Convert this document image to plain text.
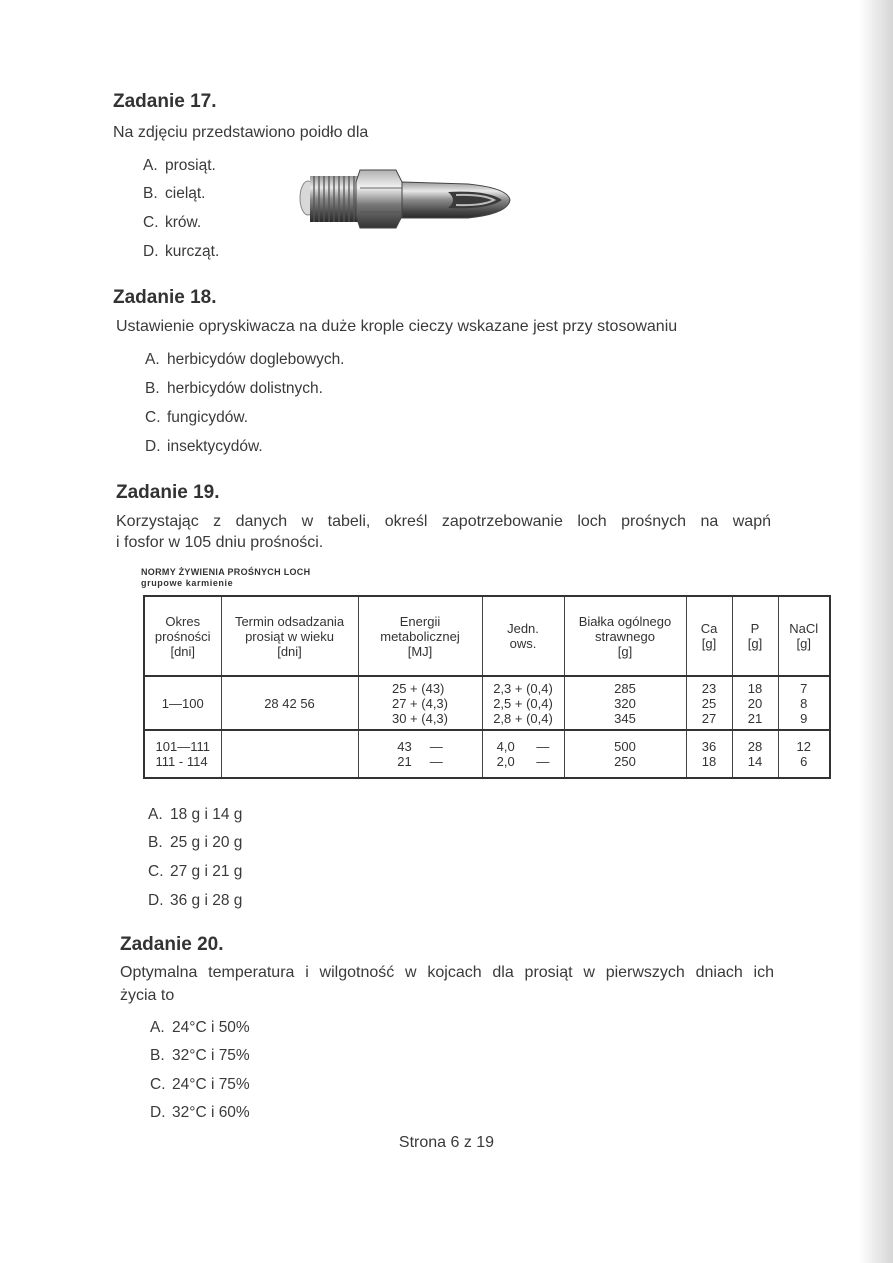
Zadanie 17.

Na zdjęciu przedstawiono poidło dla

A. prosiąt.
B. cieląt.
C. krów.
D. kurcząt.
Zadanie 18.

Ustawienie opryskiwacza na duże krople cieczy wskazane jest przy stosowaniu

A. herbicydów doglebowych.
B. herbicydów dolistnych.
C. fungicydów.
D. insektycydów.
Zadanie 19.

Korzystając z danych w tabeli, określ zapotrzebowanie loch prośnych na wapń

i fosfor w 105 dniu prośności.

NORMY ŻYWIENIA PROŚNYCH LOCH
grupowe karmienie
Okres
prośności
[dni]	Termin odsadzania
prosiąt w wieku
[dni]	Energii
metabolicznej
[MJ]	Jedn.
ows.	Białka ogólnego
strawnego
[g]	Ca
[g]	P
[g]	NaCl
[g]
1—100	28 42 56	25 + (43)
27 + (4,3)
30 + (4,3)	2,3 + (0,4)
2,5 + (0,4)
2,8 + (0,4)	285
320
345	23
25
27	18
20
21	7
8
9
101—111
111 - 114		43     —
21     —	4,0      —
2,0      —	500
250	36
18	28
14	12
6
A. 18 g i 14 g
B. 25 g i 20 g
C. 27 g i 21 g
D. 36 g i 28 g
Zadanie 20.

Optymalna temperatura i wilgotność w kojcach dla prosiąt w pierwszych dniach ich

życia to

A. 24°C i 50%
B. 32°C i 75%
C. 24°C i 75%
D. 32°C i 60%
Strona 6 z 19
